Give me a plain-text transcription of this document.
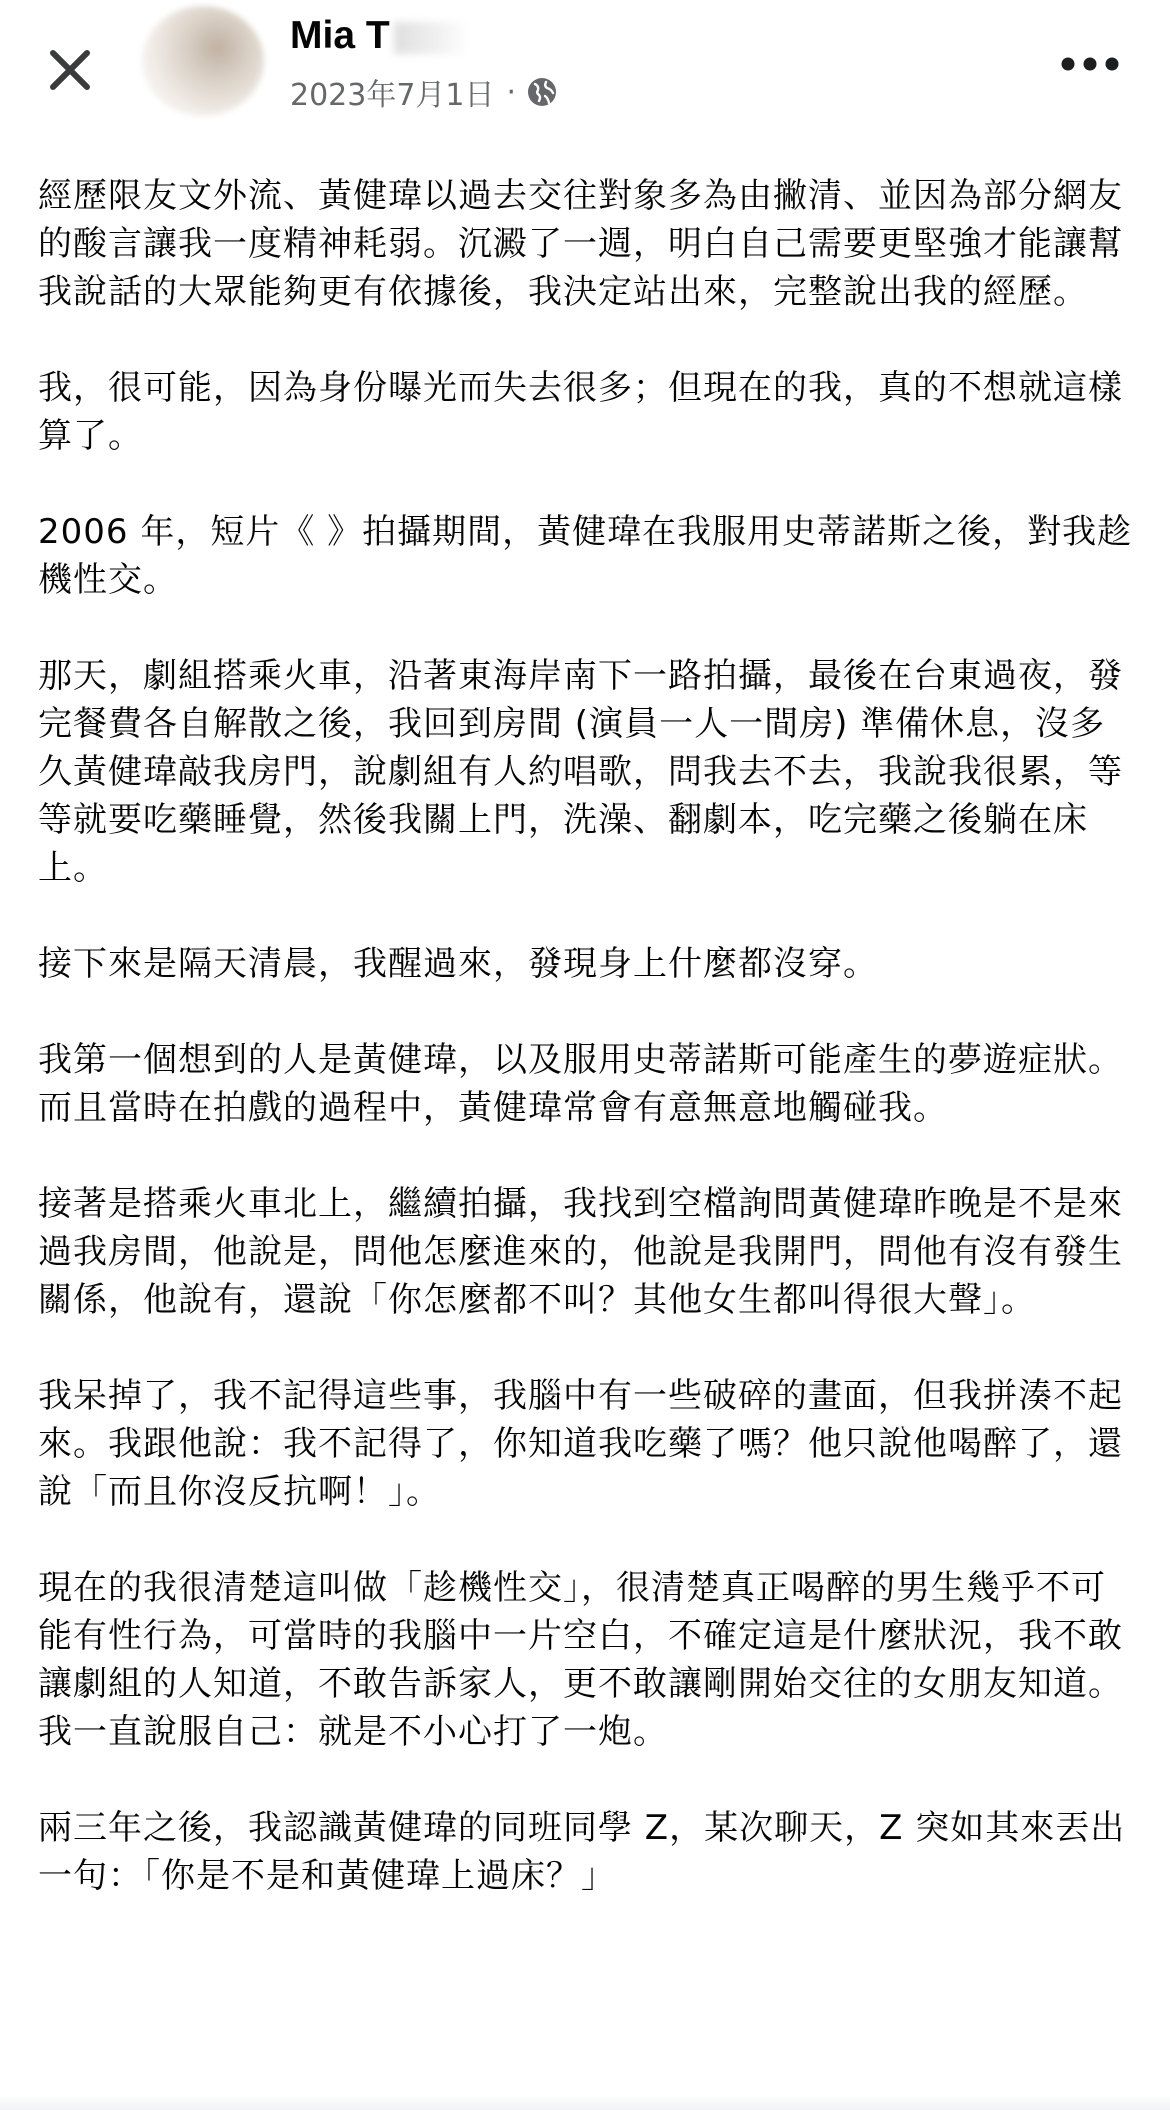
Mia T
2023年7月1日 ·

經歷限友文外流、黃健瑋以過去交往對象多為由撇清、並因為部分網友的酸言讓我一度精神耗弱。沉澱了一週，明白自己需要更堅強才能讓幫我說話的大眾能夠更有依據後，我決定站出來，完整說出我的經歷。

我，很可能，因為身份曝光而失去很多；但現在的我，真的不想就這樣算了。

2006 年，短片《 》拍攝期間，黃健瑋在我服用史蒂諾斯之後，對我趁機性交。

那天，劇組搭乘火車，沿著東海岸南下一路拍攝，最後在台東過夜，發完餐費各自解散之後，我回到房間 (演員一人一間房) 準備休息，沒多久黃健瑋敲我房門，說劇組有人約唱歌，問我去不去，我說我很累，等等就要吃藥睡覺，然後我關上門，洗澡、翻劇本，吃完藥之後躺在床上。

接下來是隔天清晨，我醒過來，發現身上什麼都沒穿。

我第一個想到的人是黃健瑋，以及服用史蒂諾斯可能產生的夢遊症狀。而且當時在拍戲的過程中，黃健瑋常會有意無意地觸碰我。

接著是搭乘火車北上，繼續拍攝，我找到空檔詢問黃健瑋昨晚是不是來過我房間，他說是，問他怎麼進來的，他說是我開門，問他有沒有發生關係，他說有，還說「你怎麼都不叫？其他女生都叫得很大聲」。

我呆掉了，我不記得這些事，我腦中有一些破碎的畫面，但我拼湊不起來。我跟他說：我不記得了，你知道我吃藥了嗎？他只說他喝醉了，還說「而且你沒反抗啊！」。

現在的我很清楚這叫做「趁機性交」，很清楚真正喝醉的男生幾乎不可能有性行為，可當時的我腦中一片空白，不確定這是什麼狀況，我不敢讓劇組的人知道，不敢告訴家人，更不敢讓剛開始交往的女朋友知道。我一直說服自己：就是不小心打了一炮。

兩三年之後，我認識黃健瑋的同班同學 Z，某次聊天，Z 突如其來丟出一句：「你是不是和黃健瑋上過床？」
